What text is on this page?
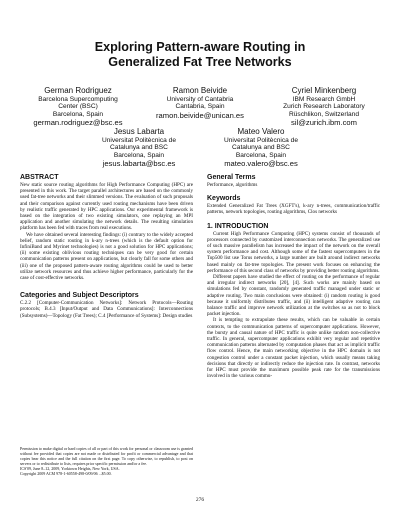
Exploring Pattern-aware Routing in
Generalized Fat Tree Networks
German Rodriguez
Barcelona Supercomputing
Center (BSC)
Barcelona, Spain
german.rodriguez@bsc.es
Ramon Beivide
University of Cantabria
Cantabria, Spain
ramon.beivide@unican.es
Cyriel Minkenberg
IBM Research GmbH
Zurich Research Laboratory
Rüschlikon, Switzerland
sil@zurich.ibm.com
Jesus Labarta
Universitat Politècnica de
Catalunya and BSC
Barcelona, Spain
jesus.labarta@bsc.es
Mateo Valero
Universitat Politècnica de
Catalunya and BSC
Barcelona, Spain
mateo.valero@bsc.es
ABSTRACT

New static source routing algorithms for High Performance Computing (HPC) are presented in this work. The target parallel architectures are based on the commonly used fat-tree networks and their slimmed versions. The evaluation of such proposals and their comparison against currently used routing mechanisms have been driven by realistic traffic generated by HPC applications. Our experimental framework is based on the integration of two existing simulators, one replaying an MPI application and another simulating the network details. The resulting simulation platform has been fed with traces from real executions.

We have obtained several interesting findings: (i) contrary to the widely accepted belief, random static routing in k-ary n-trees (which is the default option for InfiniBand and Myrinet technologies) is not a good solution for HPC applications; (ii) some existing oblivious routing techniques can be very good for certain communication patterns present on applications, but clearly fall for some others and (iii) one of the proposed pattern-aware routing algorithms could be used to better utilize network resources and thus achieve higher performance, particularly for the case of cost-effective networks.

Categories and Subject Descriptors

C.2.2 [Computer-Communication Networks]: Network Protocols—Routing protocols; B.4.3 [Input/Output and Data Communications]: Interconnections (Subsystems)—Topology (Fat Trees); C.4 [Performance of Systems]: Design studies

Permission to make digital or hard copies of all or part of this work for personal or classroom use is granted without fee provided that copies are not made or distributed for profit or commercial advantage and that copies bear this notice and the full citation on the first page. To copy otherwise, to republish, to post on servers or to redistribute to lists, requires prior specific permission and/or a fee.

ICS'09, June 8–12, 2009, Yorktown Heights, New York, USA.

Copyright 2009 ACM 978-1-60558-498-0/09/06 ...$5.00.

General Terms

Performance, algorithms

Keywords

Extended Generalized Fat Trees (XGFT's), k-ary n-trees, communication/traffic patterns, network topologies, routing algorithms, Clos networks

1. INTRODUCTION

Current High Performance Computing (HPC) systems consist of thousands of processors connected by customized interconnection networks. The generalized use of such massive parallelism has increased the impact of the network on the overall system performance and cost. Although some of the fastest supercomputers in the Top500 list use Torus networks, a large number are built around indirect networks based mainly on fat-tree topologies. The present work focuses on enhancing the performance of this second class of networks by providing better routing algorithms.

Different papers have studied the effect of routing on the performance of regular and irregular indirect networks [20], [4]. Such works are mainly based on simulations fed by constant, randomly generated traffic managed under static or adaptive routing. Two main conclusions were obtained: (i) random routing is good because it uniformly distributes traffic, and (ii) intelligent adaptive routing can balance traffic and improve network utilization at the switches so as not to block packet injection.

It is tempting to extrapolate these results, which can be valuable in certain contexts, to the communication patterns of supercomputer applications. However, the bursty and causal nature of HPC traffic is quite unlike random non-collective traffic. In general, supercomputer applications exhibit very regular and repetitive communication patterns alternated by computation phases that act as implicit traffic flow control. Hence, the main networking objective in the HPC domain is not congestion control under a constant packet injection, which usually means taking decisions that directly or indirectly reduce the injection rate. In contrast, networks for HPC must provide the maximum possible peak rate for the transmissions involved in the various commu-

276
